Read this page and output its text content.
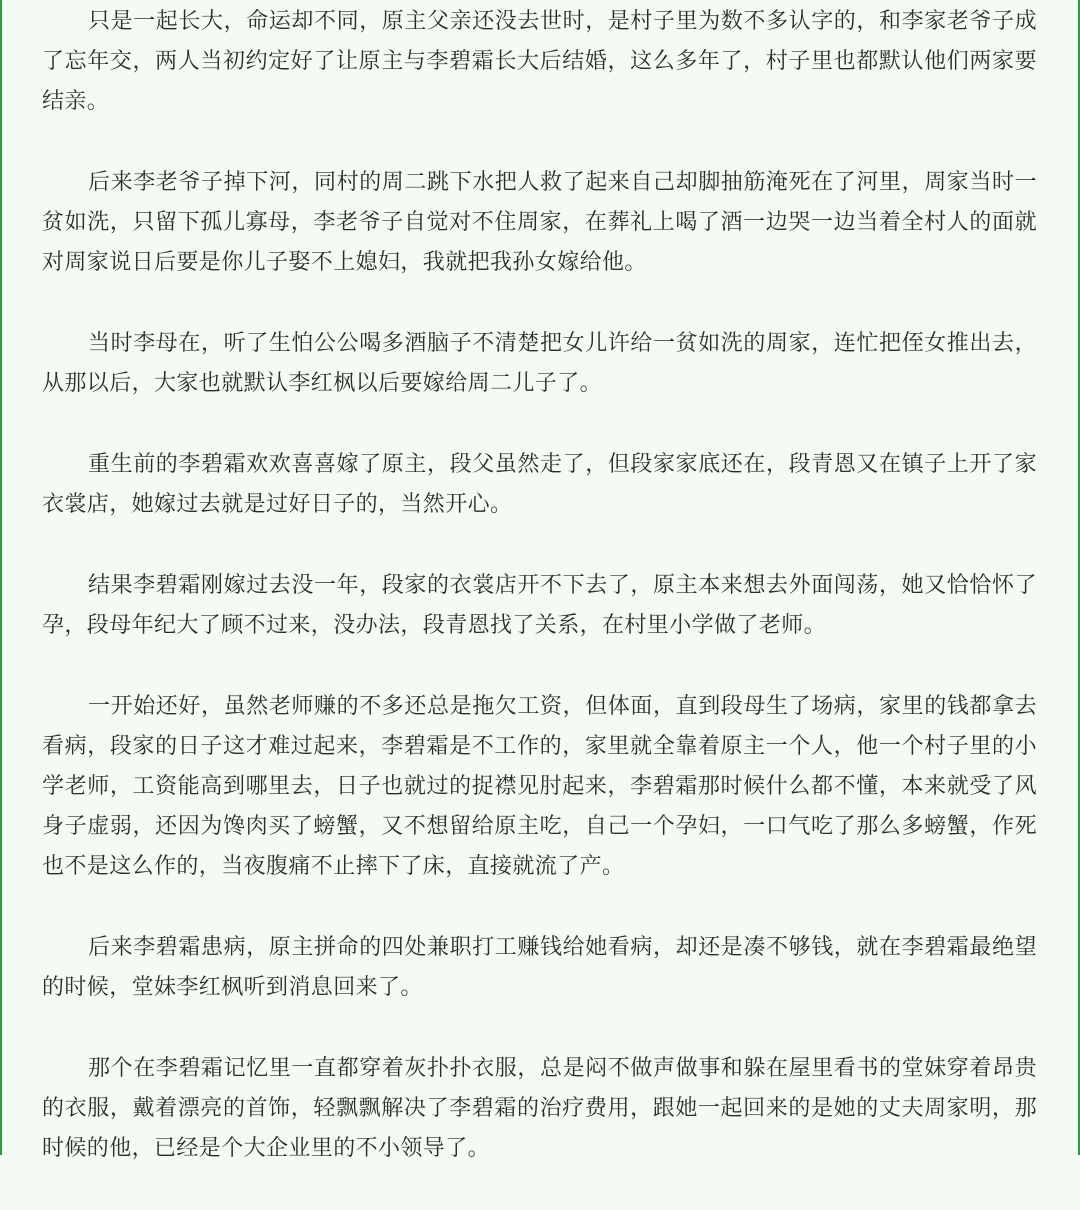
只是一起长大，命运却不同，原主父亲还没去世时，是村子里为数不多认字的，和李家老爷子成了忘年交，两人当初约定好了让原主与李碧霜长大后结婚，这么多年了，村子里也都默认他们两家要结亲。

后来李老爷子掉下河，同村的周二跳下水把人救了起来自己却脚抽筋淹死在了河里，周家当时一贫如洗，只留下孤儿寡母，李老爷子自觉对不住周家，在葬礼上喝了酒一边哭一边当着全村人的面就对周家说日后要是你儿子娶不上媳妇，我就把我孙女嫁给他。

当时李母在，听了生怕公公喝多酒脑子不清楚把女儿许给一贫如洗的周家，连忙把侄女推出去，从那以后，大家也就默认李红枫以后要嫁给周二儿子了。

重生前的李碧霜欢欢喜喜嫁了原主，段父虽然走了，但段家家底还在，段青恩又在镇子上开了家衣裳店，她嫁过去就是过好日子的，当然开心。

结果李碧霜刚嫁过去没一年，段家的衣裳店开不下去了，原主本来想去外面闯荡，她又恰恰怀了孕，段母年纪大了顾不过来，没办法，段青恩找了关系，在村里小学做了老师。

一开始还好，虽然老师赚的不多还总是拖欠工资，但体面，直到段母生了场病，家里的钱都拿去看病，段家的日子这才难过起来，李碧霜是不工作的，家里就全靠着原主一个人，他一个村子里的小学老师，工资能高到哪里去，日子也就过的捉襟见肘起来，李碧霜那时候什么都不懂，本来就受了风身子虚弱，还因为馋肉买了螃蟹，又不想留给原主吃，自己一个孕妇，一口气吃了那么多螃蟹，作死也不是这么作的，当夜腹痛不止摔下了床，直接就流了产。

后来李碧霜患病，原主拼命的四处兼职打工赚钱给她看病，却还是凑不够钱，就在李碧霜最绝望的时候，堂妹李红枫听到消息回来了。

那个在李碧霜记忆里一直都穿着灰扑扑衣服，总是闷不做声做事和躲在屋里看书的堂妹穿着昂贵的衣服，戴着漂亮的首饰，轻飘飘解决了李碧霜的治疗费用，跟她一起回来的是她的丈夫周家明，那时候的他，已经是个大企业里的不小领导了。
